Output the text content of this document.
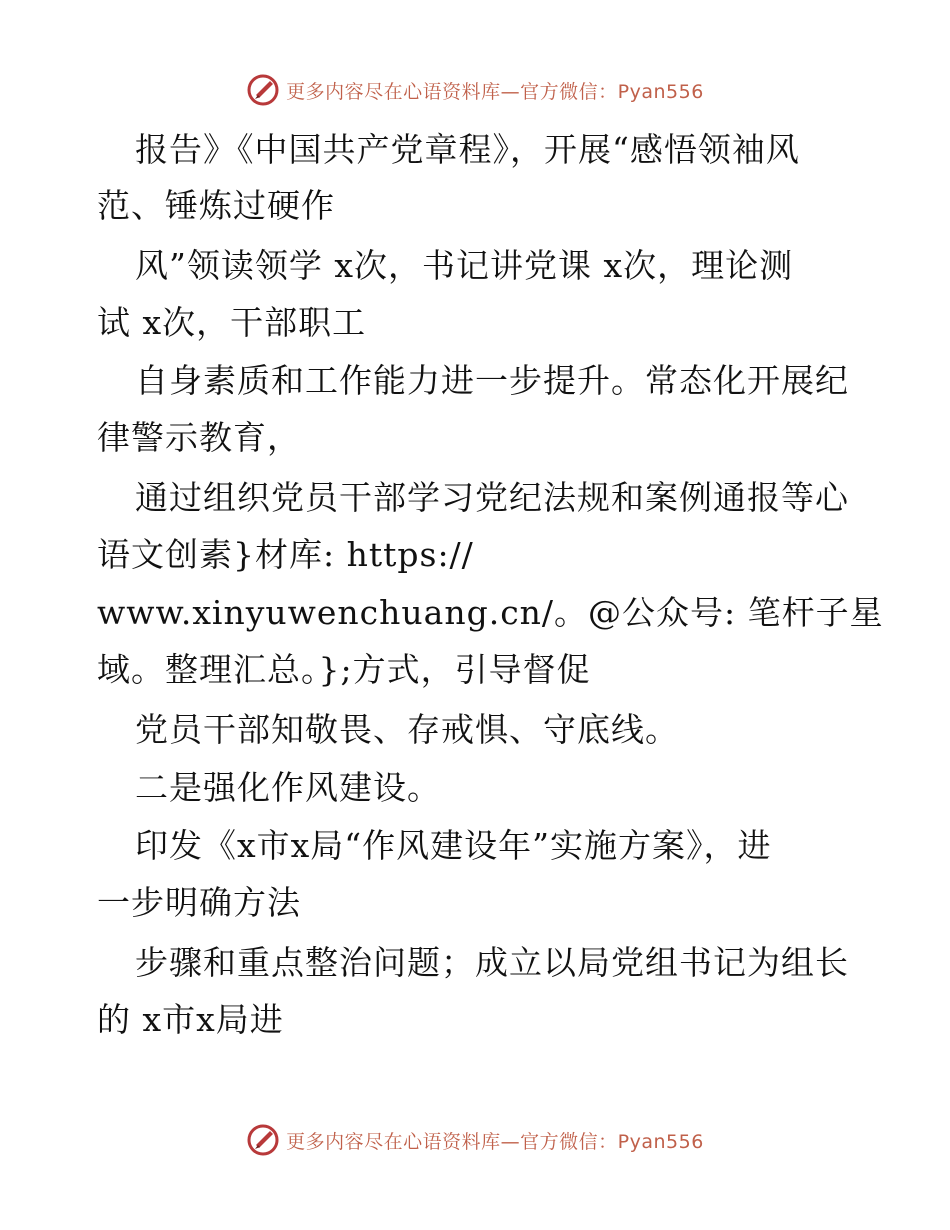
更多内容尽在心语资料库—官方微信：Pyan556
报告》《中国共产党章程》，开展“感悟领袖风
范、锤炼过硬作
风”领读领学 x次，书记讲党课 x次，理论测
试 x次，干部职工
自身素质和工作能力进一步提升。常态化开展纪
律警示教育，
通过组织党员干部学习党纪法规和案例通报等心
语文创素}材库: https://
www.xinyuwenchuang.cn/。@公众号: 笔杆子星
域。整理汇总。};方式，引导督促
党员干部知敬畏、存戒惧、守底线。
二是强化作风建设。
印发《x市x局“作风建设年”实施方案》，进
一步明确方法
步骤和重点整治问题；成立以局党组书记为组长
的 x市x局进
更多内容尽在心语资料库—官方微信：Pyan556
